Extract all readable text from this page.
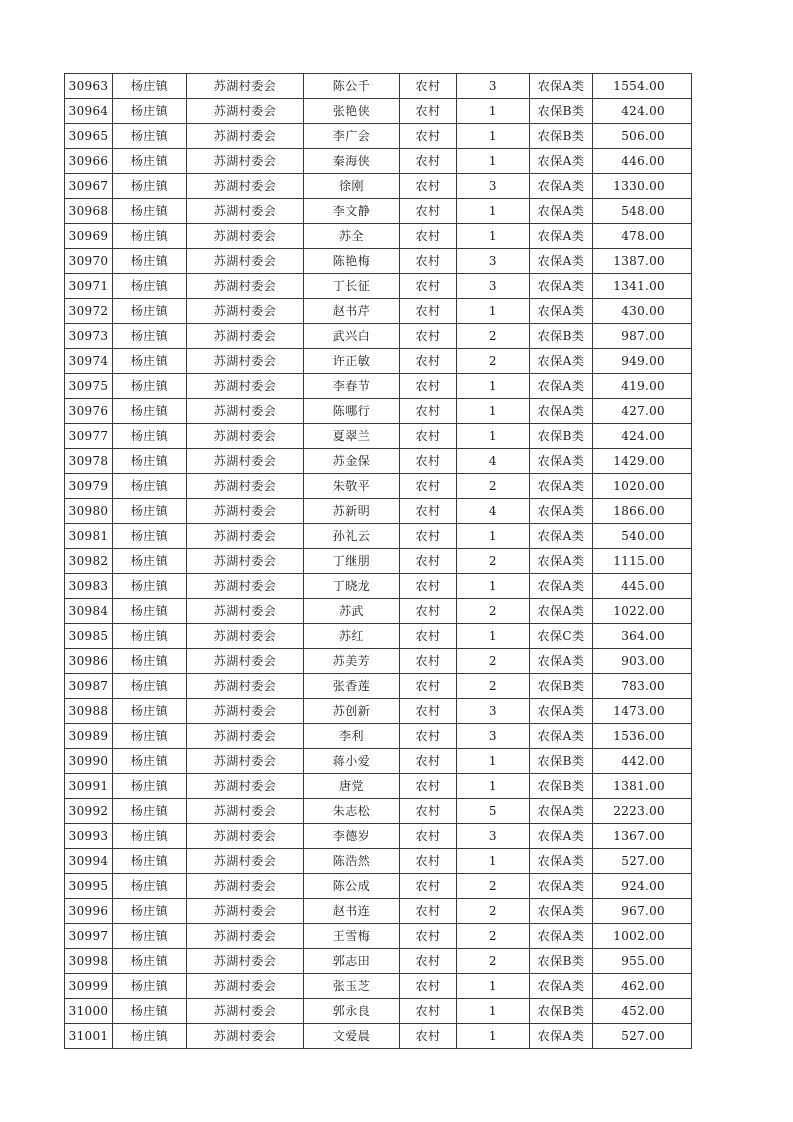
30963	杨庄镇	苏湖村委会	陈公千	农村	3	农保A类	1554.00
30964	杨庄镇	苏湖村委会	张艳侠	农村	1	农保B类	424.00
30965	杨庄镇	苏湖村委会	李广会	农村	1	农保B类	506.00
30966	杨庄镇	苏湖村委会	秦海侠	农村	1	农保A类	446.00
30967	杨庄镇	苏湖村委会	徐刚	农村	3	农保A类	1330.00
30968	杨庄镇	苏湖村委会	李文静	农村	1	农保A类	548.00
30969	杨庄镇	苏湖村委会	苏全	农村	1	农保A类	478.00
30970	杨庄镇	苏湖村委会	陈艳梅	农村	3	农保A类	1387.00
30971	杨庄镇	苏湖村委会	丁长征	农村	3	农保A类	1341.00
30972	杨庄镇	苏湖村委会	赵书芹	农村	1	农保A类	430.00
30973	杨庄镇	苏湖村委会	武兴白	农村	2	农保B类	987.00
30974	杨庄镇	苏湖村委会	许正敏	农村	2	农保A类	949.00
30975	杨庄镇	苏湖村委会	李春节	农村	1	农保A类	419.00
30976	杨庄镇	苏湖村委会	陈哪行	农村	1	农保A类	427.00
30977	杨庄镇	苏湖村委会	夏翠兰	农村	1	农保B类	424.00
30978	杨庄镇	苏湖村委会	苏金保	农村	4	农保A类	1429.00
30979	杨庄镇	苏湖村委会	朱敬平	农村	2	农保A类	1020.00
30980	杨庄镇	苏湖村委会	苏新明	农村	4	农保A类	1866.00
30981	杨庄镇	苏湖村委会	孙礼云	农村	1	农保A类	540.00
30982	杨庄镇	苏湖村委会	丁继朋	农村	2	农保A类	1115.00
30983	杨庄镇	苏湖村委会	丁晓龙	农村	1	农保A类	445.00
30984	杨庄镇	苏湖村委会	苏武	农村	2	农保A类	1022.00
30985	杨庄镇	苏湖村委会	苏红	农村	1	农保C类	364.00
30986	杨庄镇	苏湖村委会	苏美芳	农村	2	农保A类	903.00
30987	杨庄镇	苏湖村委会	张香莲	农村	2	农保B类	783.00
30988	杨庄镇	苏湖村委会	苏创新	农村	3	农保A类	1473.00
30989	杨庄镇	苏湖村委会	李利	农村	3	农保A类	1536.00
30990	杨庄镇	苏湖村委会	蒋小爱	农村	1	农保B类	442.00
30991	杨庄镇	苏湖村委会	唐党	农村	1	农保B类	1381.00
30992	杨庄镇	苏湖村委会	朱志松	农村	5	农保A类	2223.00
30993	杨庄镇	苏湖村委会	李德岁	农村	3	农保A类	1367.00
30994	杨庄镇	苏湖村委会	陈浩然	农村	1	农保A类	527.00
30995	杨庄镇	苏湖村委会	陈公成	农村	2	农保A类	924.00
30996	杨庄镇	苏湖村委会	赵书连	农村	2	农保A类	967.00
30997	杨庄镇	苏湖村委会	王雪梅	农村	2	农保A类	1002.00
30998	杨庄镇	苏湖村委会	郭志田	农村	2	农保B类	955.00
30999	杨庄镇	苏湖村委会	张玉芝	农村	1	农保A类	462.00
31000	杨庄镇	苏湖村委会	郭永良	农村	1	农保B类	452.00
31001	杨庄镇	苏湖村委会	文爱晨	农村	1	农保A类	527.00
